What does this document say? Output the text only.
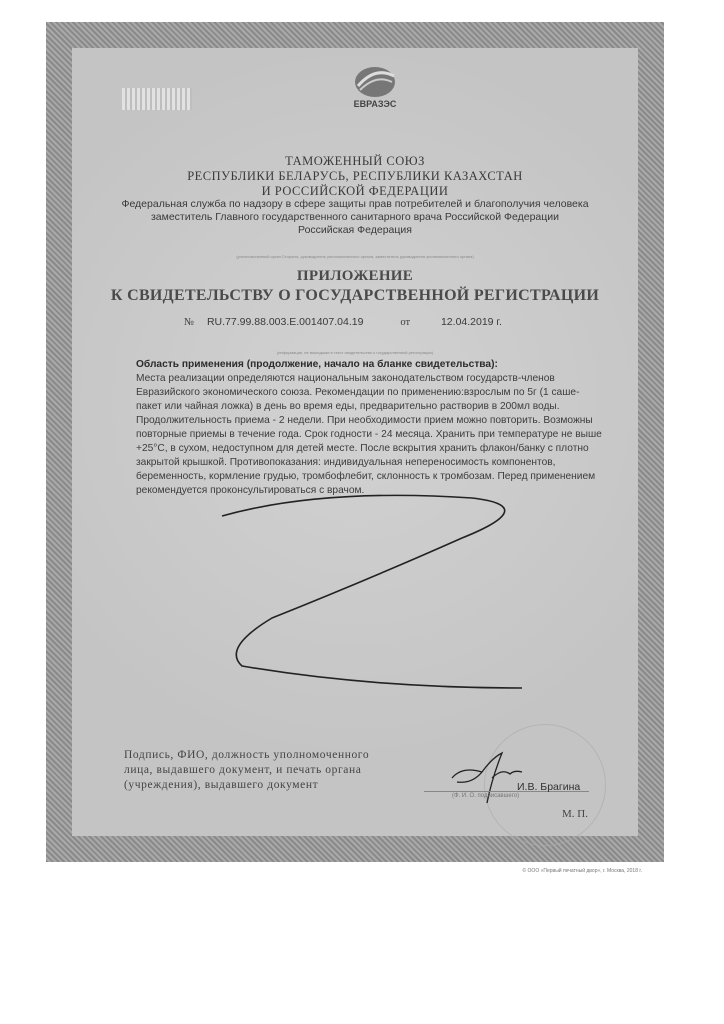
ЕВРАЗЭС
ТАМОЖЕННЫЙ СОЮЗ
РЕСПУБЛИКИ БЕЛАРУСЬ, РЕСПУБЛИКИ КАЗАХСТАН
И РОССИЙСКОЙ ФЕДЕРАЦИИ
Федеральная служба по надзору в сфере защиты прав потребителей и благополучия человека
заместитель Главного государственного санитарного врача Российской Федерации
Российская Федерация
(уполномоченный орган Стороны, руководитель уполномоченного органа, заместитель руководителя уполномоченного органа)
ПРИЛОЖЕНИЕ
К СВИДЕТЕЛЬСТВУ О ГОСУДАРСТВЕННОЙ РЕГИСТРАЦИИ
№ RU.77.99.88.003.E.001407.04.19	от	12.04.2019 г.
(информация, не вошедшая в текст свидетельства о государственной регистрации)
Область применения (продолжение, начало на бланке свидетельства):
Места реализации определяются национальным законодательством государств-членов
Евразийского экономического союза. Рекомендации по применению:взрослым по 5г (1 саше-
пакет или чайная ложка) в день во время еды, предварительно растворив в 200мл воды.
Продолжительность приема - 2 недели. При необходимости прием можно повторить. Возможны
повторные приемы в течение года. Срок годности - 24 месяца. Хранить при температуре не выше
+25°С, в сухом, недоступном для детей месте. После вскрытия хранить флакон/банку с плотно
закрытой крышкой. Противопоказания: индивидуальная непереносимость компонентов,
беременность, кормление грудью, тромбофлебит, склонность к тромбозам. Перед применением
рекомендуется проконсультироваться с врачом.
Подпись, ФИО, должность уполномоченного
лица, выдавшего документ, и печать органа
(учреждения), выдавшего документ	И.В. Брагина
(Ф. И. О. подписавшего)
М. П.
© ООО «Первый печатный двор», г. Москва, 2018 г.
